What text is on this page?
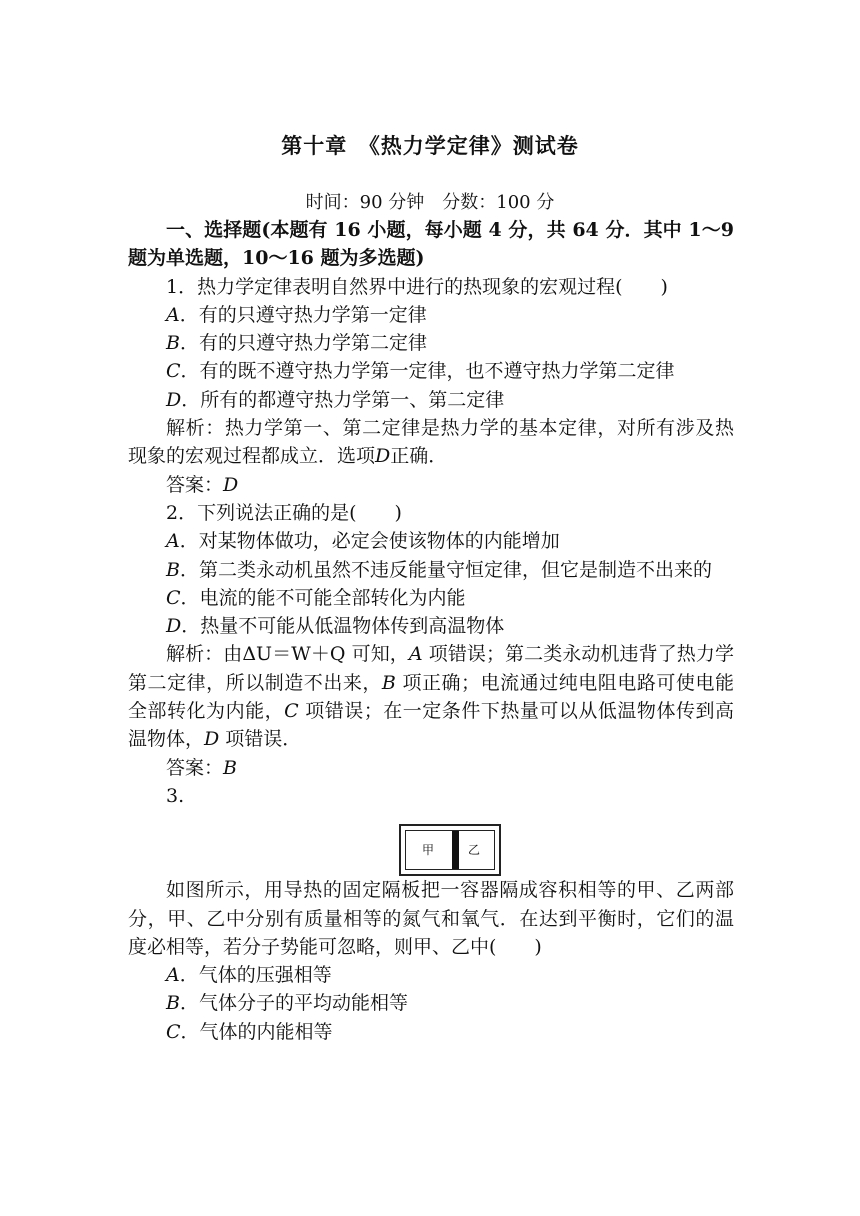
第十章　《热力学定律》测试卷
时间：90 分钟　分数：100 分

一、选择题(本题有 16 小题，每小题 4 分，共 64 分．其中 1～9 题为单选题，10～16 题为多选题)

1．热力学定律表明自然界中进行的热现象的宏观过程(　　)

A．有的只遵守热力学第一定律

B．有的只遵守热力学第二定律

C．有的既不遵守热力学第一定律，也不遵守热力学第二定律

D．所有的都遵守热力学第一、第二定律

解析：热力学第一、第二定律是热力学的基本定律，对所有涉及热现象的宏观过程都成立．选项D正确．

答案：D

2．下列说法正确的是(　　)

A．对某物体做功，必定会使该物体的内能增加

B．第二类永动机虽然不违反能量守恒定律，但它是制造不出来的

C．电流的能不可能全部转化为内能

D．热量不可能从低温物体传到高温物体

解析：由ΔU＝W＋Q 可知，A 项错误；第二类永动机违背了热力学第二定律，所以制造不出来，B 项正确；电流通过纯电阻电路可使电能全部转化为内能，C 项错误；在一定条件下热量可以从低温物体传到高温物体，D 项错误．

答案：B

3.

甲	乙

如图所示，用导热的固定隔板把一容器隔成容积相等的甲、乙两部分，甲、乙中分别有质量相等的氮气和氧气．在达到平衡时，它们的温度必相等，若分子势能可忽略，则甲、乙中(　　)

A．气体的压强相等

B．气体分子的平均动能相等

C．气体的内能相等
